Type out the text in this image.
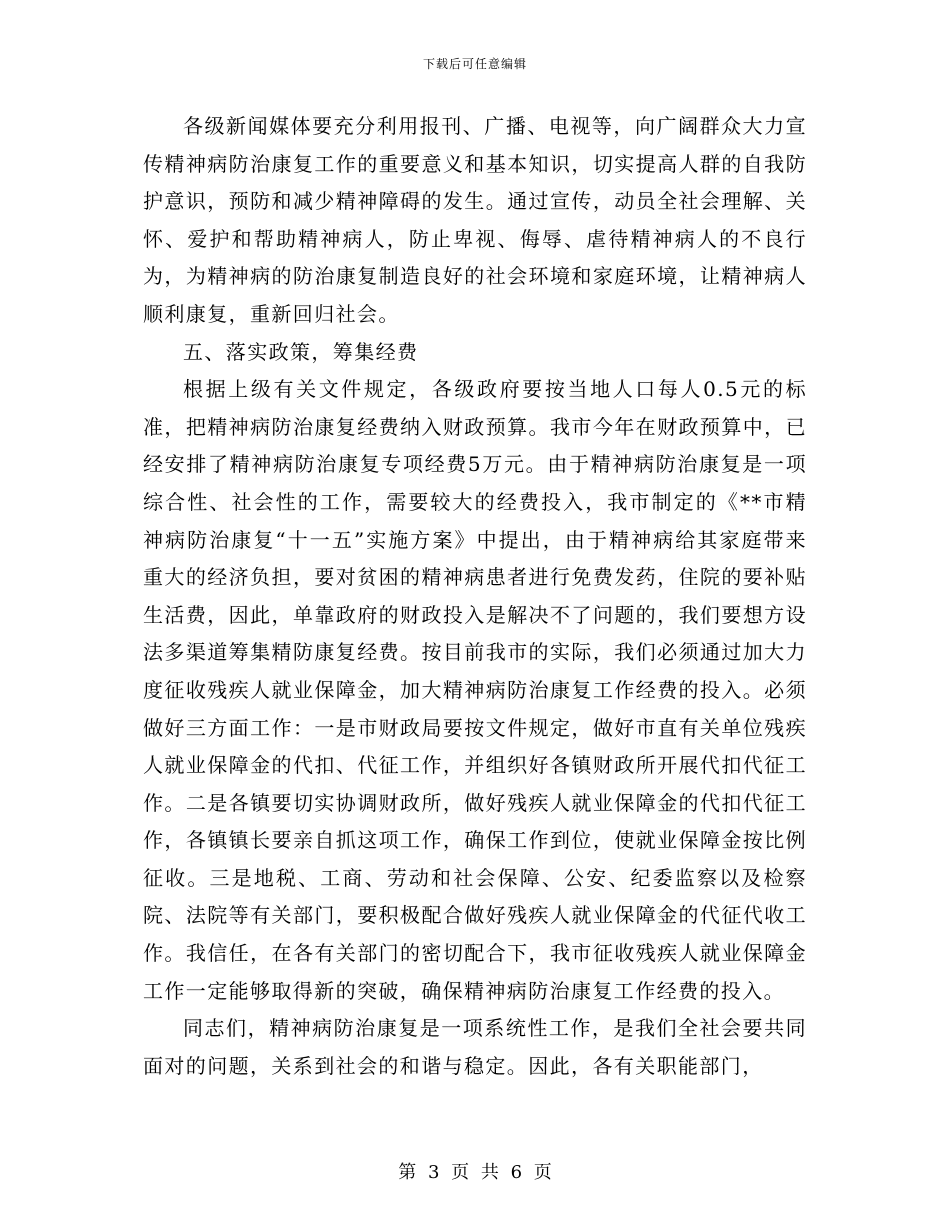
下载后可任意编辑

各级新闻媒体要充分利用报刊、广播、电视等，向广阔群众大力宣传精神病防治康复工作的重要意义和基本知识，切实提高人群的自我防护意识，预防和减少精神障碍的发生。通过宣传，动员全社会理解、关怀、爱护和帮助精神病人，防止卑视、侮辱、虐待精神病人的不良行为，为精神病的防治康复制造良好的社会环境和家庭环境，让精神病人顺利康复，重新回归社会。

五、落实政策，筹集经费

根据上级有关文件规定，各级政府要按当地人口每人0.5元的标准，把精神病防治康复经费纳入财政预算。我市今年在财政预算中，已经安排了精神病防治康复专项经费5万元。由于精神病防治康复是一项综合性、社会性的工作，需要较大的经费投入，我市制定的《**市精神病防治康复“十一五”实施方案》中提出，由于精神病给其家庭带来重大的经济负担，要对贫困的精神病患者进行免费发药，住院的要补贴生活费，因此，单靠政府的财政投入是解决不了问题的，我们要想方设法多渠道筹集精防康复经费。按目前我市的实际，我们必须通过加大力度征收残疾人就业保障金，加大精神病防治康复工作经费的投入。必须做好三方面工作：一是市财政局要按文件规定，做好市直有关单位残疾人就业保障金的代扣、代征工作，并组织好各镇财政所开展代扣代征工作。二是各镇要切实协调财政所，做好残疾人就业保障金的代扣代征工作，各镇镇长要亲自抓这项工作，确保工作到位，使就业保障金按比例征收。三是地税、工商、劳动和社会保障、公安、纪委监察以及检察院、法院等有关部门，要积极配合做好残疾人就业保障金的代征代收工作。我信任，在各有关部门的密切配合下，我市征收残疾人就业保障金工作一定能够取得新的突破，确保精神病防治康复工作经费的投入。

同志们，精神病防治康复是一项系统性工作，是我们全社会要共同面对的问题，关系到社会的和谐与稳定。因此，各有关职能部门，

第 3 页 共 6 页
